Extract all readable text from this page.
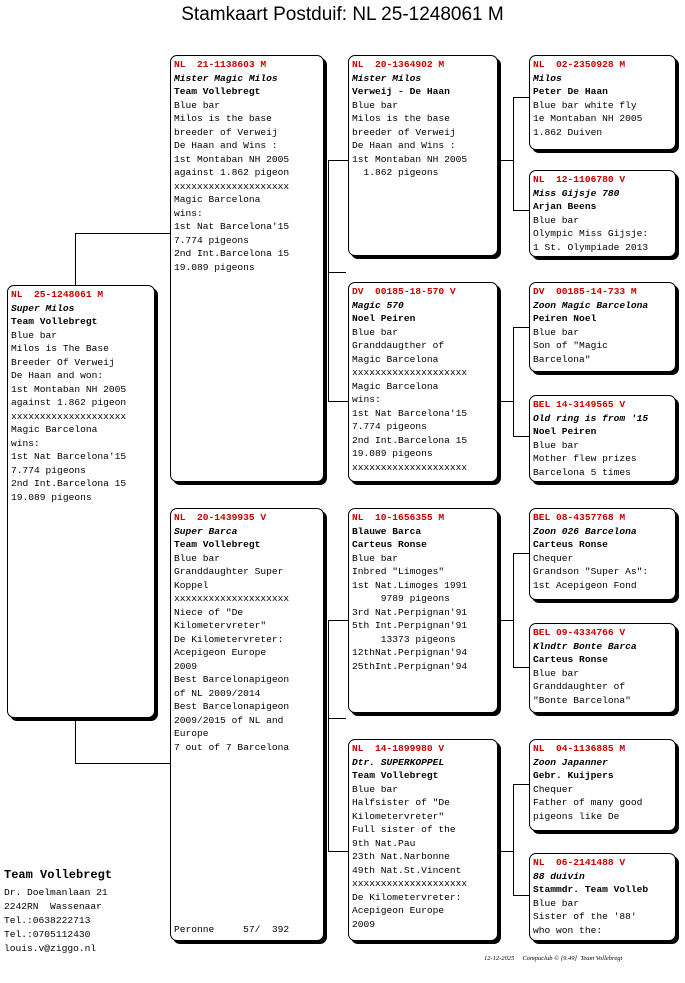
Stamkaart Postduif: NL 25-1248061 M
NL  25-1248061 M
Super Milos
Team Vollebregt
Blue bar
Milos is The Base
Breeder Of Verweij
De Haan and won:
1st Montaban NH 2005
against 1.862 pigeon
xxxxxxxxxxxxxxxxxxxx
Magic Barcelona
wins:
1st Nat Barcelona'15
7.774 pigeons
2nd Int.Barcelona 15
19.089 pigeons
NL  21-1138603 M
Mister Magic Milos
Team Vollebregt
Blue bar
Milos is the base
breeder of Verweij
De Haan and Wins :
1st Montaban NH 2005
against 1.862 pigeon
xxxxxxxxxxxxxxxxxxxx
Magic Barcelona
wins:
1st Nat Barcelona'15
7.774 pigeons
2nd Int.Barcelona 15
19.089 pigeons
NL  20-1439935 V
Super Barca
Team Vollebregt
Blue bar
Granddaughter Super
Koppel
xxxxxxxxxxxxxxxxxxxx
Niece of "De
Kilometervreter"
De Kilometervreter:
Acepigeon Europe
2009
Best Barcelonapigeon
of NL 2009/2014
Best Barcelonapigeon
2009/2015 of NL and
Europe
7 out of 7 Barcelona
Peronne     57/  392
NL  20-1364902 M
Mister Milos
Verweij - De Haan
Blue bar
Milos is the base
breeder of Verweij
De Haan and Wins :
1st Montaban NH 2005
1.862 pigeons
DV  00185-18-570 V
Magic 570
Noel Peiren
Blue bar
Granddaugther of
Magic Barcelona
xxxxxxxxxxxxxxxxxxxx
Magic Barcelona
wins:
1st Nat Barcelona'15
7.774 pigeons
2nd Int.Barcelona 15
19.089 pigeons
xxxxxxxxxxxxxxxxxxxx
NL  10-1656355 M
Blauwe Barca
Carteus Ronse
Blue bar
Inbred "Limoges"
1st Nat.Limoges 1991
9789 pigeons
3rd Nat.Perpignan'91
5th Int.Perpignan'91
13373 pigeons
12thNat.Perpignan'94
25thInt.Perpignan'94
NL  14-1899980 V
Dtr. SUPERKOPPEL
Team Vollebregt
Blue bar
Halfsister of "De
Kilometervreter"
Full sister of the
9th Nat.Pau
23th Nat.Narbonne
49th Nat.St.Vincent
xxxxxxxxxxxxxxxxxxxx
De Kilometervreter:
Acepigeon Europe
2009
NL  02-2350928 M
Milos
Peter De Haan
Blue bar white fly
1e Montaban NH 2005
1.862 Duiven
NL  12-1106780 V
Miss Gijsje 780
Arjan Beens
Blue bar
Olympic Miss Gijsje:
1 St. Olympiade 2013
DV  00185-14-733 M
Zoon Magic Barcelona
Peiren Noel
Blue bar
Son of "Magic
Barcelona"
BEL 14-3149565 V
Old ring is from '15
Noel Peiren
Blue bar
Mother flew prizes
Barcelona 5 times
BEL 08-4357768 M
Zoon 026 Barcelona
Carteus Ronse
Chequer
Grandson "Super As":
1st Acepigeon Fond
BEL 09-4334766 V
Klndtr Bonte Barca
Carteus Ronse
Blue bar
Granddaughter of
"Bonte Barcelona"
NL  04-1136885 M
Zoon Japanner
Gebr. Kuijpers
Chequer
Father of many good
pigeons like De
NL  06-2141488 V
88 duivin
Stammdr. Team Volleb
Blue bar
Sister of the '88'
who won the:
Team Vollebregt
Dr. Doelmanlaan 21
2242RN  Wassenaar
Tel.:0638222713
Tel.:0705112430
louis.v@ziggo.nl
12-12-2025 Compuclub © [9.49] Team Vollebregt
